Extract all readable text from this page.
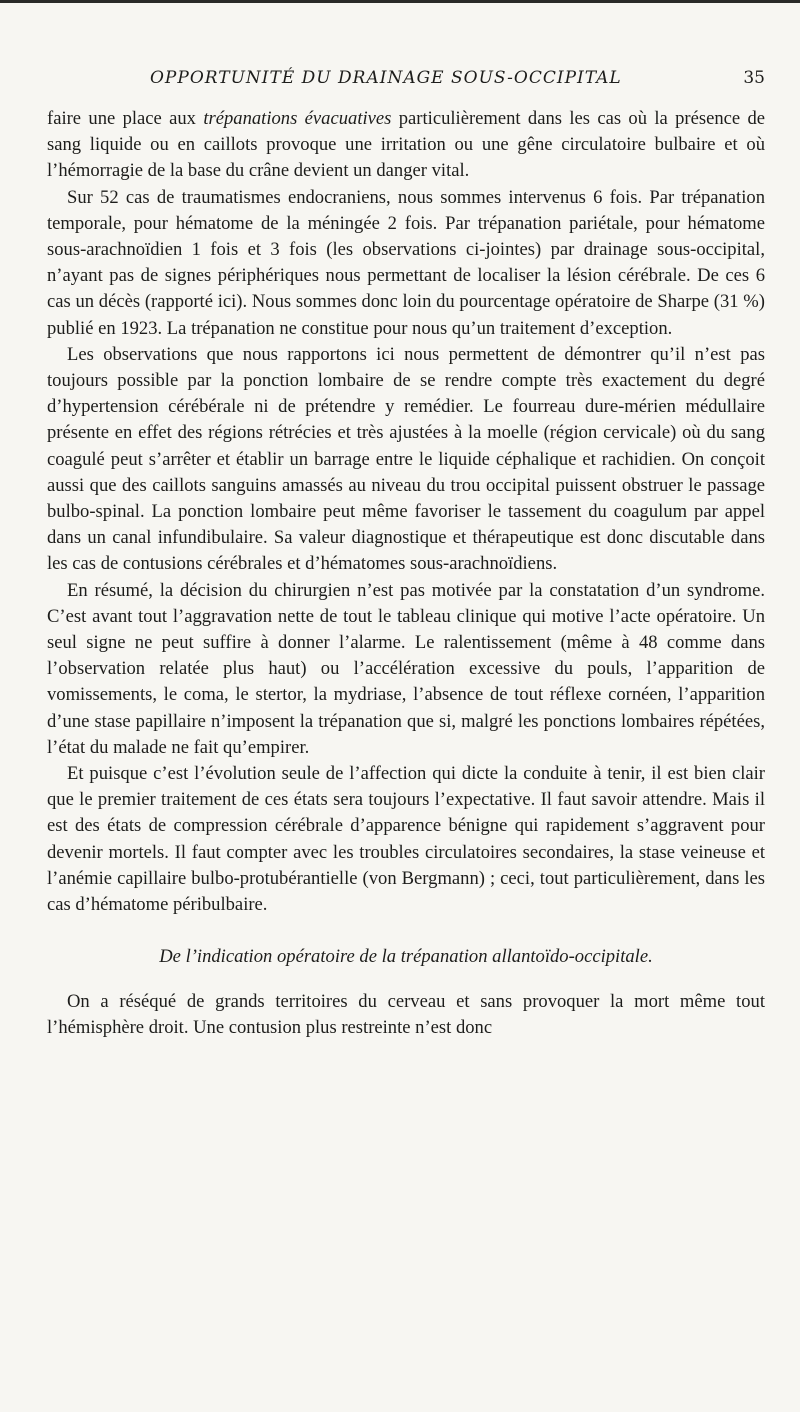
OPPORTUNITÉ DU DRAINAGE SOUS-OCCIPITAL	35

faire une place aux trépanations évacuatives particulièrement dans les cas où la présence de sang liquide ou en caillots provoque une irritation ou une gêne circulatoire bulbaire et où l’hémorragie de la base du crâne devient un danger vital.

Sur 52 cas de traumatismes endocraniens, nous sommes intervenus 6 fois. Par trépanation temporale, pour hématome de la méningée 2 fois. Par trépanation pariétale, pour hématome sous-arachnoïdien 1 fois et 3 fois (les observations ci-jointes) par drainage sous-occipital, n’ayant pas de signes périphériques nous permettant de localiser la lésion cérébrale. De ces 6 cas un décès (rapporté ici). Nous sommes donc loin du pourcentage opératoire de Sharpe (31 %) publié en 1923. La trépanation ne constitue pour nous qu’un traitement d’exception.

Les observations que nous rapportons ici nous permettent de démontrer qu’il n’est pas toujours possible par la ponction lombaire de se rendre compte très exactement du degré d’hypertension cérébérale ni de prétendre y remédier. Le fourreau dure-mérien médullaire présente en effet des régions rétrécies et très ajustées à la moelle (région cervicale) où du sang coagulé peut s’arrêter et établir un barrage entre le liquide céphalique et rachidien. On conçoit aussi que des caillots sanguins amassés au niveau du trou occipital puissent obstruer le passage bulbo-spinal. La ponction lombaire peut même favoriser le tassement du coagulum par appel dans un canal infundibulaire. Sa valeur diagnostique et thérapeutique est donc discutable dans les cas de contusions cérébrales et d’hématomes sous-arachnoïdiens.

En résumé, la décision du chirurgien n’est pas motivée par la constatation d’un syndrome. C’est avant tout l’aggravation nette de tout le tableau clinique qui motive l’acte opératoire. Un seul signe ne peut suffire à donner l’alarme. Le ralentissement (même à 48 comme dans l’observation relatée plus haut) ou l’accélération excessive du pouls, l’apparition de vomissements, le coma, le stertor, la mydriase, l’absence de tout réflexe cornéen, l’apparition d’une stase papillaire n’imposent la trépanation que si, malgré les ponctions lombaires répétées, l’état du malade ne fait qu’empirer.

Et puisque c’est l’évolution seule de l’affection qui dicte la conduite à tenir, il est bien clair que le premier traitement de ces états sera toujours l’expectative. Il faut savoir attendre. Mais il est des états de compression cérébrale d’apparence bénigne qui rapidement s’aggravent pour devenir mortels. Il faut compter avec les troubles circulatoires secondaires, la stase veineuse et l’anémie capillaire bulbo-protubérantielle (von Bergmann) ; ceci, tout particulièrement, dans les cas d’hématome péribulbaire.

De l’indication opératoire de la trépanation allantoïdo-occipitale.

On a réséqué de grands territoires du cerveau et sans provoquer la mort même tout l’hémisphère droit. Une contusion plus restreinte n’est donc
